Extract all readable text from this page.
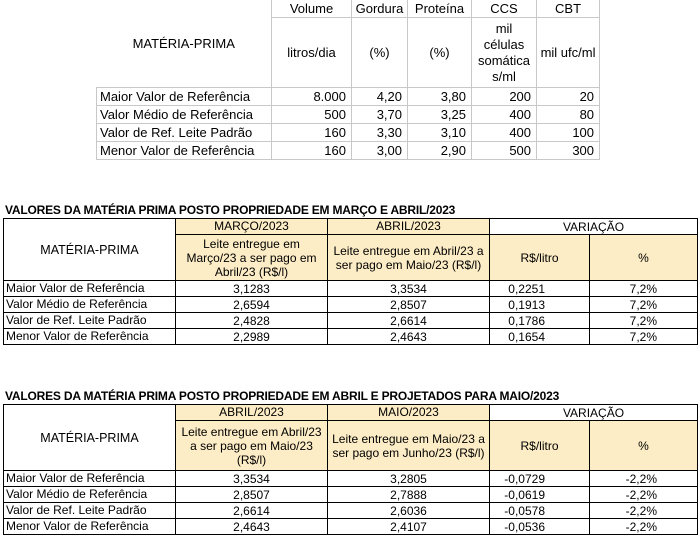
MATÉRIA-PRIMA	Volume	Gordura	Proteína	CCS	CBT
	litros/dia	(%)	(%)	mil células somática s/ml	mil ufc/ml
Maior Valor de Referência	8.000	4,20	3,80	200	20
Valor Médio de Referência	500	3,70	3,25	400	80
Valor de Ref. Leite Padrão	160	3,30	3,10	400	100
Menor Valor de Referência	160	3,00	2,90	500	300
VALORES DA MATÉRIA PRIMA POSTO PROPRIEDADE EM MARÇO E ABRIL/2023
MATÉRIA-PRIMA	MARÇO/2023	ABRIL/2023	VARIAÇÃO	
	Leite entregue em Março/23 a ser pago em Abril/23 (R$/l)	Leite entregue em Abril/23 a ser pago em Maio/23 (R$/l)	R$/litro	%
Maior Valor de Referência	3,1283	3,3534	0,2251	7,2%
Valor Médio de Referência	2,6594	2,8507	0,1913	7,2%
Valor de Ref. Leite Padrão	2,4828	2,6614	0,1786	7,2%
Menor Valor de Referência	2,2989	2,4643	0,1654	7,2%
VALORES DA MATÉRIA PRIMA POSTO PROPRIEDADE EM ABRIL E PROJETADOS PARA MAIO/2023
MATÉRIA-PRIMA	ABRIL/2023	MAIO/2023	VARIAÇÃO	
	Leite entregue em Abril/23 a ser pago em Maio/23 (R$/l)	Leite entregue em Maio/23 a ser pago em Junho/23 (R$/l)	R$/litro	%
Maior Valor de Referência	3,3534	3,2805	-0,0729	-2,2%
Valor Médio de Referência	2,8507	2,7888	-0,0619	-2,2%
Valor de Ref. Leite Padrão	2,6614	2,6036	-0,0578	-2,2%
Menor Valor de Referência	2,4643	2,4107	-0,0536	-2,2%
